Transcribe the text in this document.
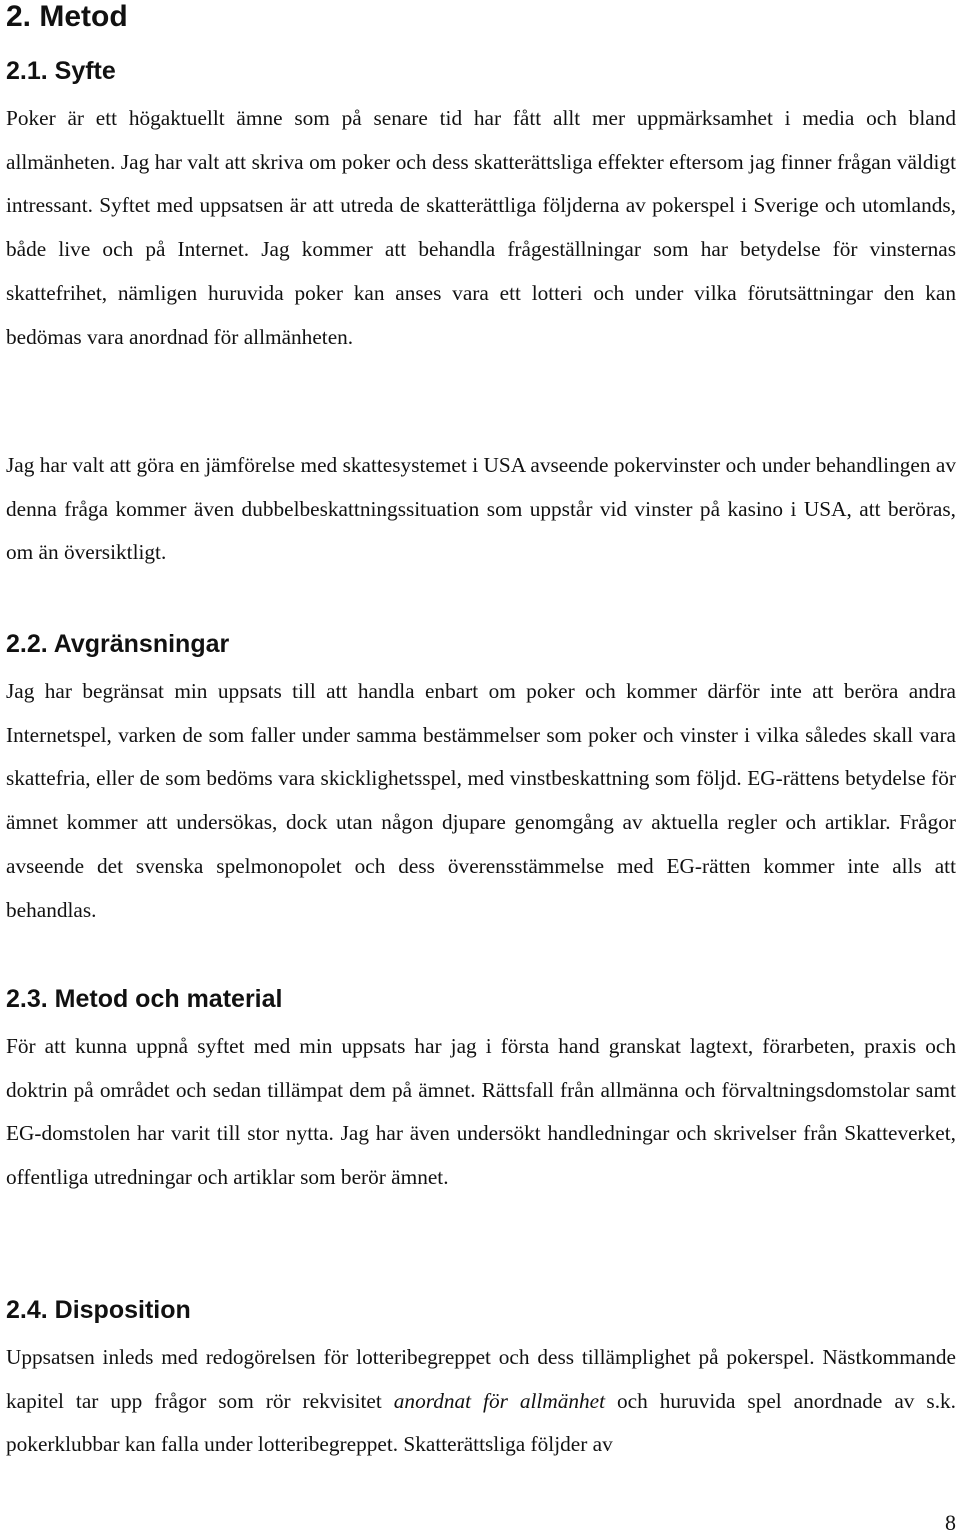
2. Metod
2.1. Syfte

Poker är ett högaktuellt ämne som på senare tid har fått allt mer uppmärksamhet i media och bland allmänheten. Jag har valt att skriva om poker och dess skatterättsliga effekter eftersom jag finner frågan väldigt intressant. Syftet med uppsatsen är att utreda de skatterättliga följderna av pokerspel i Sverige och utomlands, både live och på Internet. Jag kommer att behandla frågeställningar som har betydelse för vinsternas skattefrihet, nämligen huruvida poker kan anses vara ett lotteri och under vilka förutsättningar den kan bedömas vara anordnad för allmänheten.

Jag har valt att göra en jämförelse med skattesystemet i USA avseende pokervinster och under behandlingen av denna fråga kommer även dubbelbeskattningssituation som uppstår vid vinster på kasino i USA, att beröras, om än översiktligt.

2.2. Avgränsningar

Jag har begränsat min uppsats till att handla enbart om poker och kommer därför inte att beröra andra Internetspel, varken de som faller under samma bestämmelser som poker och vinster i vilka således skall vara skattefria, eller de som bedöms vara skicklighetsspel, med vinstbeskattning som följd. EG-rättens betydelse för ämnet kommer att undersökas, dock utan någon djupare genomgång av aktuella regler och artiklar. Frågor avseende det svenska spelmonopolet och dess överensstämmelse med EG-rätten kommer inte alls att behandlas.

2.3. Metod och material

För att kunna uppnå syftet med min uppsats har jag i första hand granskat lagtext, förarbeten, praxis och doktrin på området och sedan tillämpat dem på ämnet. Rättsfall från allmänna och förvaltningsdomstolar samt EG-domstolen har varit till stor nytta. Jag har även undersökt handledningar och skrivelser från Skatteverket, offentliga utredningar och artiklar som berör ämnet.

2.4. Disposition

Uppsatsen inleds med redogörelsen för lotteribegreppet och dess tillämplighet på pokerspel. Nästkommande kapitel tar upp frågor som rör rekvisitet anordnat för allmänhet och huruvida spel anordnade av s.k. pokerklubbar kan falla under lotteribegreppet. Skatterättsliga följder av

8
